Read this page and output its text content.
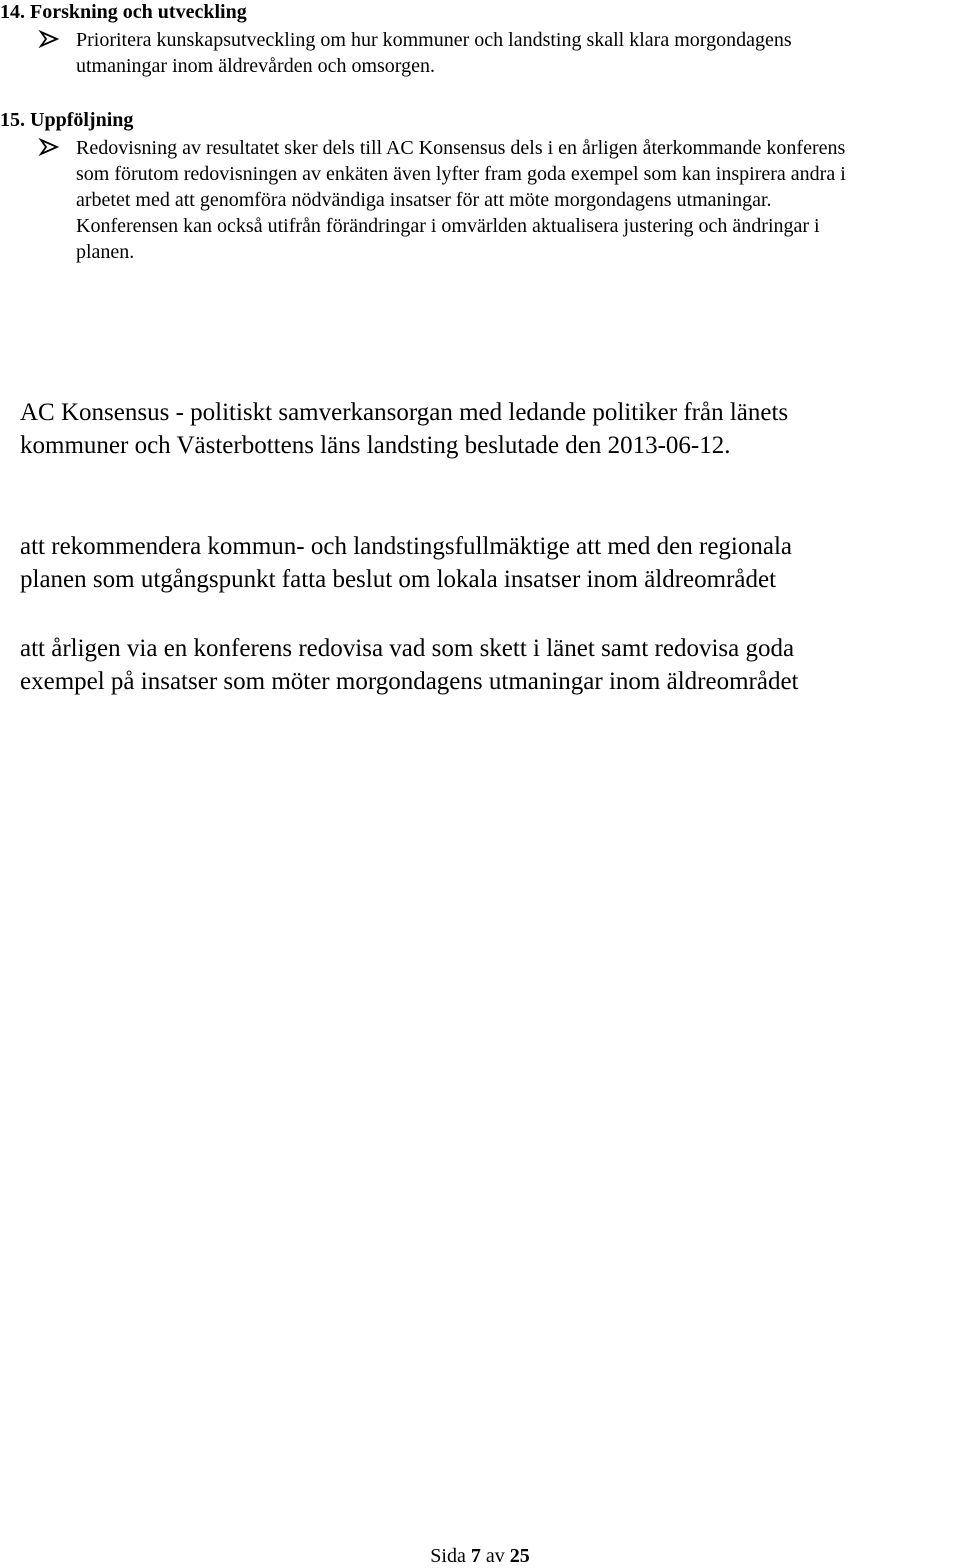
14. Forskning och utveckling

Prioritera kunskapsutveckling om hur kommuner och landsting skall klara morgondagens
utmaningar inom äldrevården och omsorgen.

15. Uppföljning

Redovisning av resultatet sker dels till AC Konsensus dels i en årligen återkommande konferens
som förutom redovisningen av enkäten även lyfter fram goda exempel som kan inspirera andra i
arbetet med att genomföra nödvändiga insatser för att möte morgondagens utmaningar.
Konferensen kan också utifrån förändringar i omvärlden aktualisera justering och ändringar i
planen.

AC Konsensus - politiskt samverkansorgan med ledande politiker från länets
kommuner och Västerbottens läns landsting beslutade den 2013-06-12.

att rekommendera kommun- och landstingsfullmäktige att med den regionala
planen som utgångspunkt fatta beslut om lokala insatser inom äldreområdet

att årligen via en konferens redovisa vad som skett i länet samt redovisa goda
exempel på insatser som möter morgondagens utmaningar inom äldreområdet

Sida 7 av 25
